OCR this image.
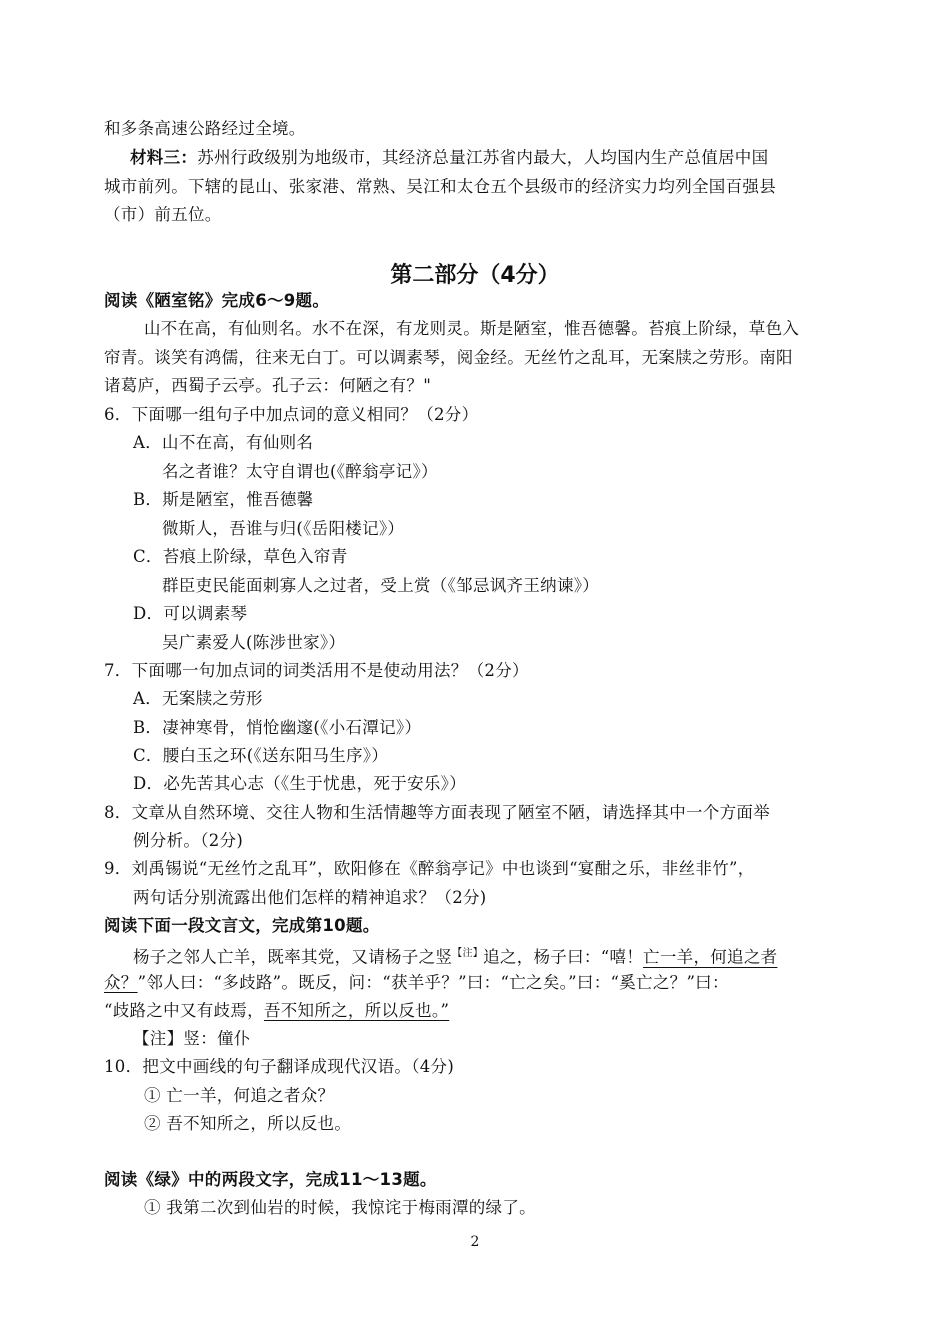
和多条高速公路经过全境。
材料三：苏州行政级别为地级市，其经济总量江苏省内最大，人均国内生产总值居中国
城市前列。下辖的昆山、张家港、常熟、吴江和太仓五个县级市的经济实力均列全国百强县
（市）前五位。
第二部分（4分）
阅读《陋室铭》完成6～9题。
山不在高，有仙则名。水不在深，有龙则灵。斯是陋室，惟吾德馨。苔痕上阶绿，草色入
帘青。谈笑有鸿儒，往来无白丁。可以调素琴，阅金经。无丝竹之乱耳，无案牍之劳形。南阳
诸葛庐，西蜀子云亭。孔子云：何陋之有？"
6．下面哪一组句子中加点词的意义相同？（2分）
A．山不在高，有仙则名
名之者谁？太守自谓也(《醉翁亭记》）
B．斯是陋室，惟吾德馨
微斯人，吾谁与归(《岳阳楼记》）
C．苔痕上阶绿，草色入帘青
群臣吏民能面刺寡人之过者，受上赏（《邹忌讽齐王纳谏》）
D．可以调素琴
吴广素爱人(陈涉世家》）
7．下面哪一句加点词的词类活用不是使动用法？（2分）
A．无案牍之劳形
B．凄神寒骨，悄怆幽邃(《小石潭记》）
C．腰白玉之环(《送东阳马生序》）
D．必先苦其心志（《生于忧患，死于安乐》）
8．文章从自然环境、交往人物和生活情趣等方面表现了陋室不陋，请选择其中一个方面举
例分析。（2分)
9．刘禹锡说“无丝竹之乱耳”，欧阳修在《醉翁亭记》中也谈到“宴酣之乐，非丝非竹”，
两句话分别流露出他们怎样的精神追求？（2分)
阅读下面一段文言文，完成第10题。
杨子之邻人亡羊，既率其党，又请杨子之竖$^{【注】}$追之，杨子曰：“嘻！亡一羊，何追之者
众？”邻人曰：“多歧路”。既反，问：“获羊乎？”曰：“亡之矣。”曰：“奚亡之？”曰：
“歧路之中又有歧焉，吾不知所之，所以反也。”
【注】竖：僮仆
10．把文中画线的句子翻译成现代汉语。（4分)
① 亡一羊，何追之者众？
② 吾不知所之，所以反也。
阅读《绿》中的两段文字，完成11～13题。
① 我第二次到仙岩的时候，我惊诧于梅雨潭的绿了。
2
